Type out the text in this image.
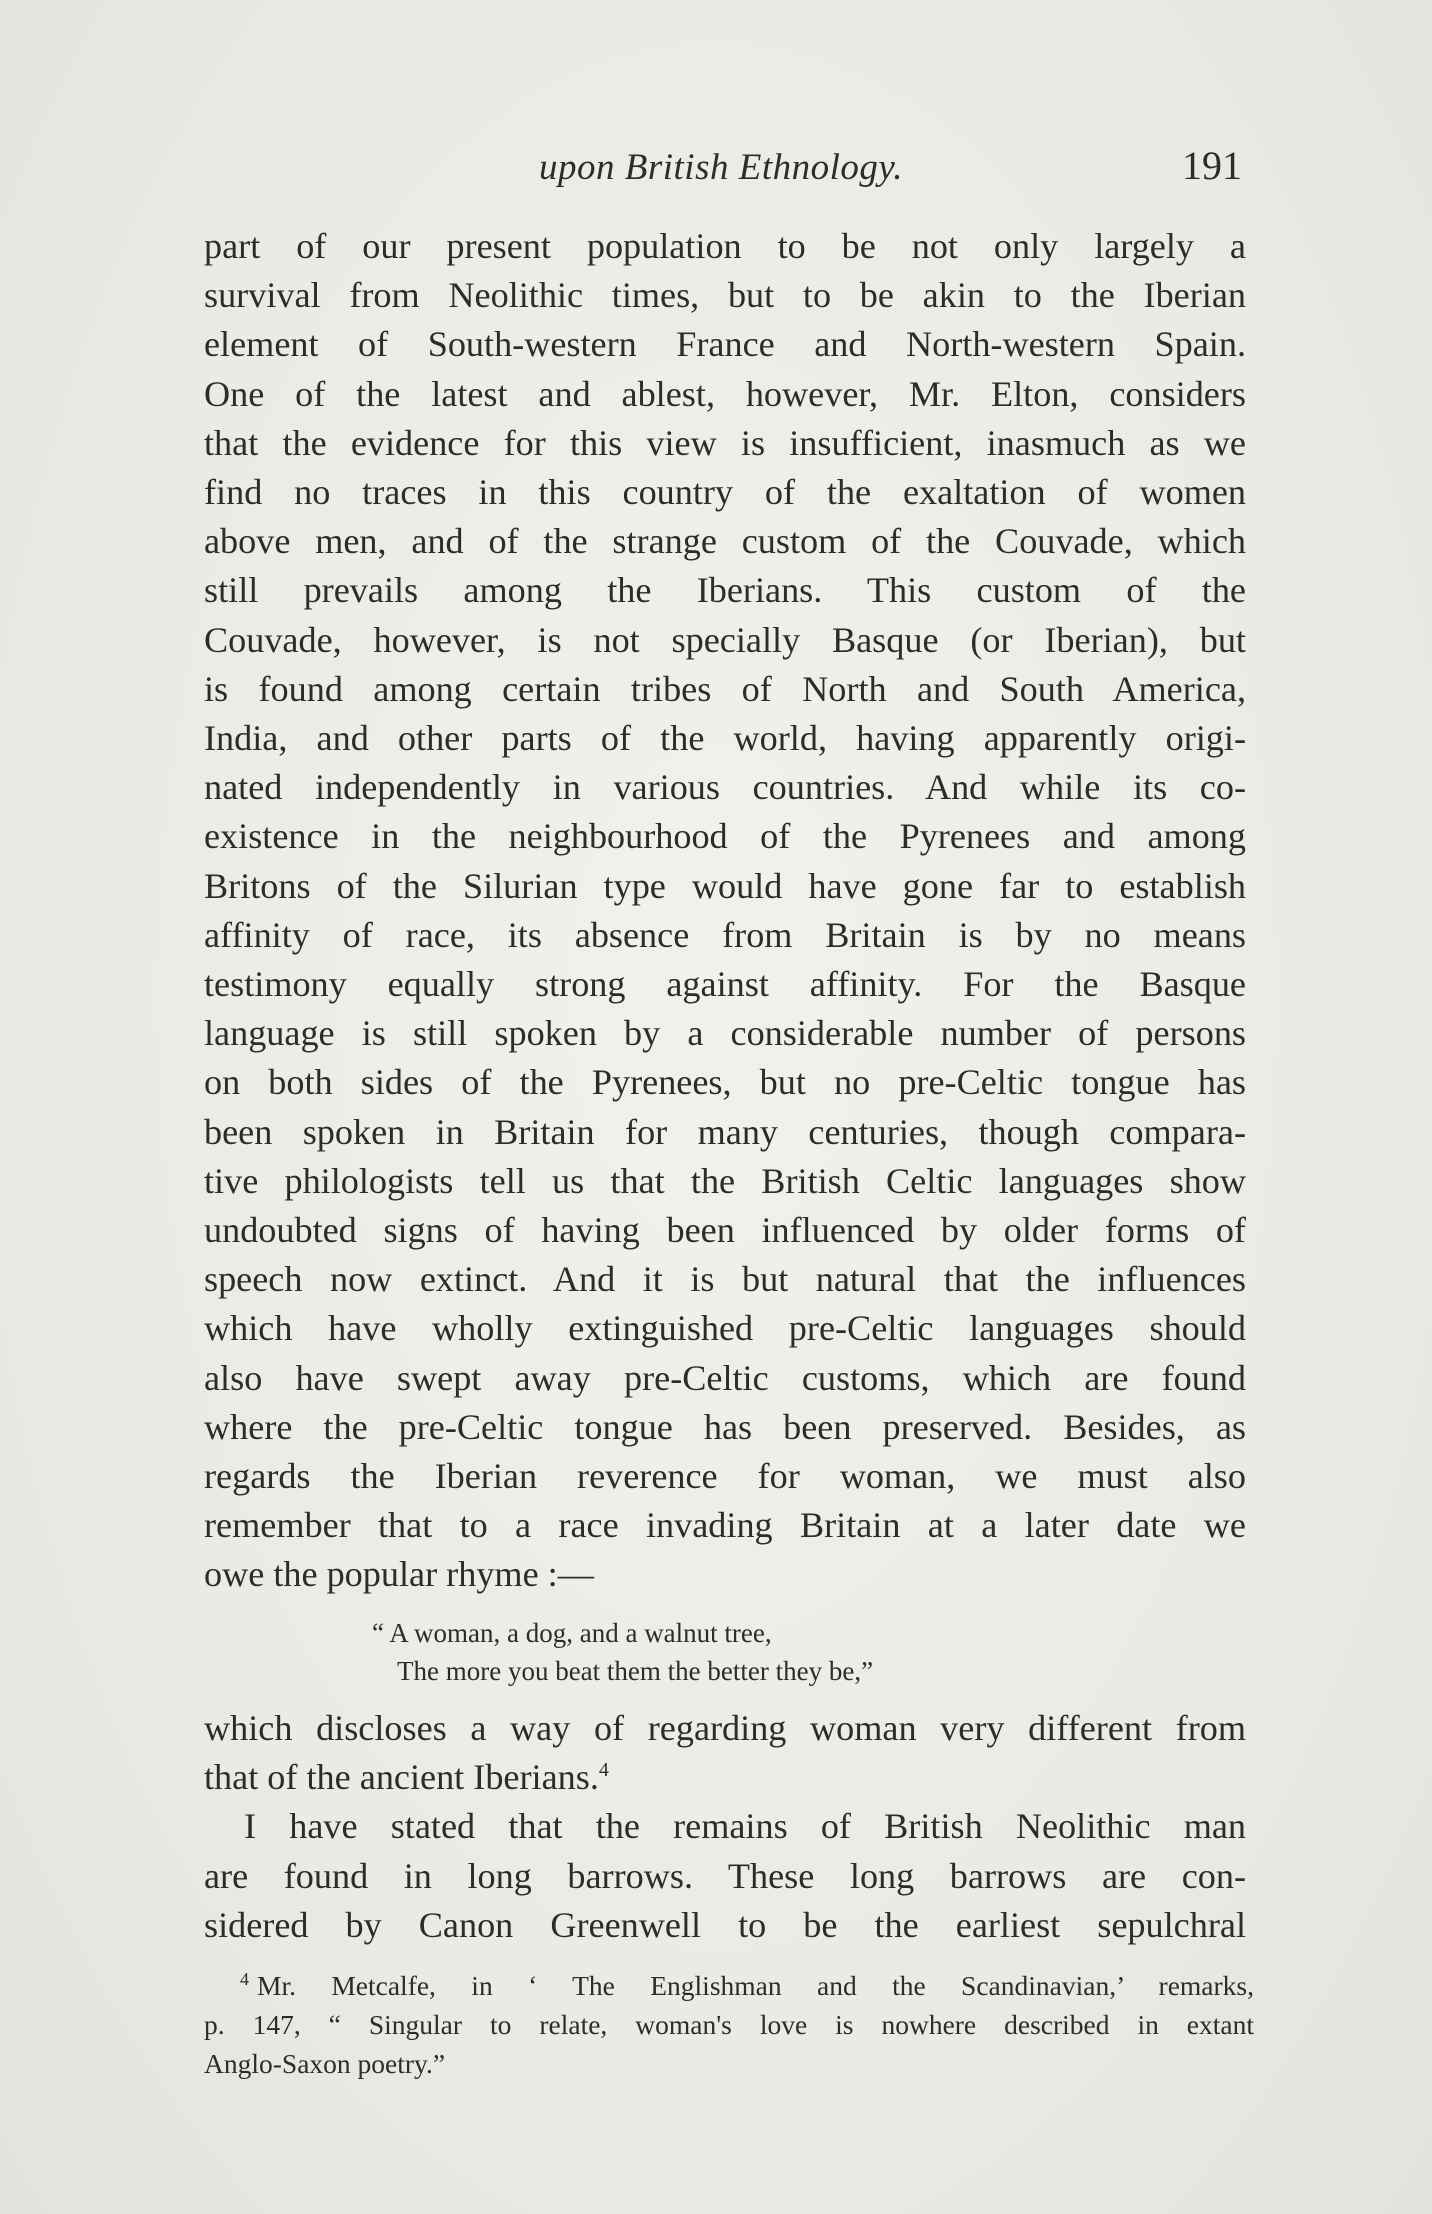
upon British Ethnology.	191
part of our present population to be not only largely a
survival from Neolithic times, but to be akin to the Iberian
element of South-western France and North-western Spain.
One of the latest and ablest, however, Mr. Elton, considers
that the evidence for this view is insufficient, inasmuch as we
find no traces in this country of the exaltation of women
above men, and of the strange custom of the Couvade, which
still prevails among the Iberians. This custom of the
Couvade, however, is not specially Basque (or Iberian), but
is found among certain tribes of North and South America,
India, and other parts of the world, having apparently origi-
nated independently in various countries. And while its co-
existence in the neighbourhood of the Pyrenees and among
Britons of the Silurian type would have gone far to establish
affinity of race, its absence from Britain is by no means
testimony equally strong against affinity. For the Basque
language is still spoken by a considerable number of persons
on both sides of the Pyrenees, but no pre-Celtic tongue has
been spoken in Britain for many centuries, though compara-
tive philologists tell us that the British Celtic languages show
undoubted signs of having been influenced by older forms of
speech now extinct. And it is but natural that the influences
which have wholly extinguished pre-Celtic languages should
also have swept away pre-Celtic customs, which are found
where the pre-Celtic tongue has been preserved. Besides, as
regards the Iberian reverence for woman, we must also
remember that to a race invading Britain at a later date we
owe the popular rhyme :—
“ A woman, a dog, and a walnut tree,
The more you beat them the better they be,”
which discloses a way of regarding woman very different from
that of the ancient Iberians.$^4$
I have stated that the remains of British Neolithic man
are found in long barrows. These long barrows are con-
sidered by Canon Greenwell to be the earliest sepulchral
4 Mr. Metcalfe, in ‘ The Englishman and the Scandinavian,’ remarks,
p. 147, “ Singular to relate, woman's love is nowhere described in extant
Anglo-Saxon poetry.”
